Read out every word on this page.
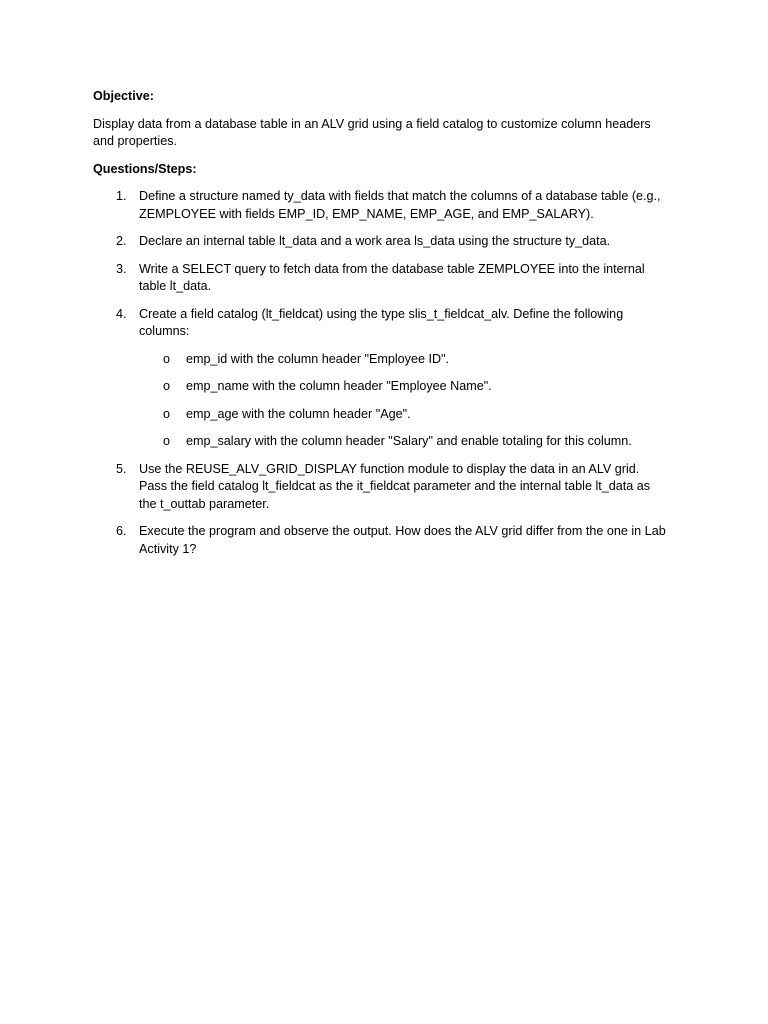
Objective:

Display data from a database table in an ALV grid using a field catalog to customize column headers and properties.

Questions/Steps:

1. Define a structure named ty_data with fields that match the columns of a database table (e.g., ZEMPLOYEE with fields EMP_ID, EMP_NAME, EMP_AGE, and EMP_SALARY).
2. Declare an internal table lt_data and a work area ls_data using the structure ty_data.
3. Write a SELECT query to fetch data from the database table ZEMPLOYEE into the internal table lt_data.
4. Create a field catalog (lt_fieldcat) using the type slis_t_fieldcat_alv. Define the following columns:
o emp_id with the column header "Employee ID".
o emp_name with the column header "Employee Name".
o emp_age with the column header "Age".
o emp_salary with the column header "Salary" and enable totaling for this column.
5. Use the REUSE_ALV_GRID_DISPLAY function module to display the data in an ALV grid. Pass the field catalog lt_fieldcat as the it_fieldcat parameter and the internal table lt_data as the t_outtab parameter.
6. Execute the program and observe the output. How does the ALV grid differ from the one in Lab Activity 1?
